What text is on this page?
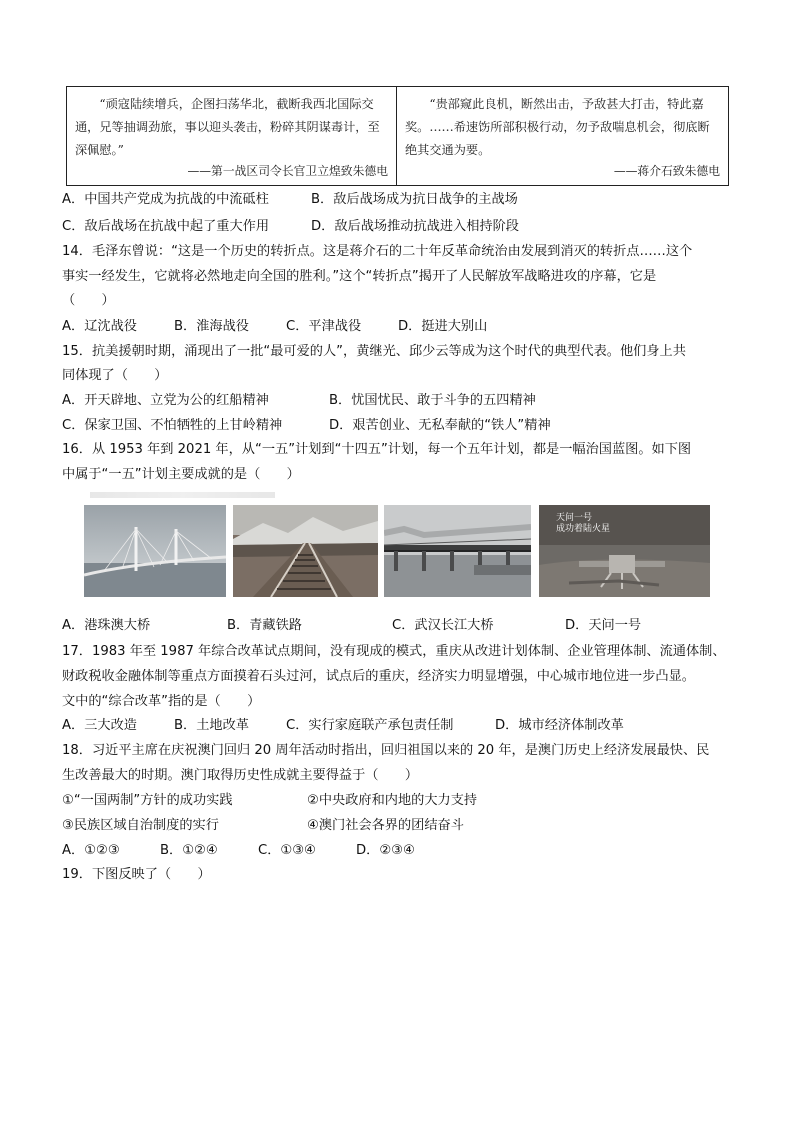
“顽寇陆续增兵，企图扫荡华北，截断我西北国际交通，兄等抽调劲旅，事以迎头袭击，粉碎其阴谋毒计，至深佩慰。”
——第一战区司令长官卫立煌致朱德电
“贵部窥此良机，断然出击，予敌甚大打击，特此嘉奖。……希速饬所部积极行动，勿予敌喘息机会，彻底断绝其交通为要。
——蒋介石致朱德电
A．中国共产党成为抗战的中流砥柱	B．敌后战场成为抗日战争的主战场
C．敌后战场在抗战中起了重大作用	D．敌后战场推动抗战进入相持阶段
14．毛泽东曾说：“这是一个历史的转折点。这是蒋介石的二十年反革命统治由发展到消灭的转折点……这个
事实一经发生，它就将必然地走向全国的胜利。”这个“转折点”揭开了人民解放军战略进攻的序幕，它是
（　　）
A．辽沈战役	B．淮海战役	C．平津战役	D．挺进大别山
15．抗美援朝时期，涌现出了一批“最可爱的人”，黄继光、邱少云等成为这个时代的典型代表。他们身上共
同体现了（　　）
A．开天辟地、立党为公的红船精神	B．忧国忧民、敢于斗争的五四精神
C．保家卫国、不怕牺牲的上甘岭精神	D．艰苦创业、无私奉献的“铁人”精神
16．从 1953 年到 2021 年，从“一五”计划到“十四五”计划，每一个五年计划，都是一幅治国蓝图。如下图
中属于“一五”计划主要成就的是（　　）
天问一号
成功着陆火星
A．港珠澳大桥	B．青藏铁路	C．武汉长江大桥	D．天问一号
17．1983 年至 1987 年综合改革试点期间，没有现成的模式，重庆从改进计划体制、企业管理体制、流通体制、
财政税收金融体制等重点方面摸着石头过河，试点后的重庆，经济实力明显增强，中心城市地位进一步凸显。
文中的“综合改革”指的是（　　）
A．三大改造	B．土地改革	C．实行家庭联产承包责任制	D．城市经济体制改革
18．习近平主席在庆祝澳门回归 20 周年活动时指出，回归祖国以来的 20 年，是澳门历史上经济发展最快、民
生改善最大的时期。澳门取得历史性成就主要得益于（　　）
①“一国两制”方针的成功实践	②中央政府和内地的大力支持
③民族区域自治制度的实行	④澳门社会各界的团结奋斗
A．①②③	B．①②④	C．①③④	D．②③④
19．下图反映了（　　）
